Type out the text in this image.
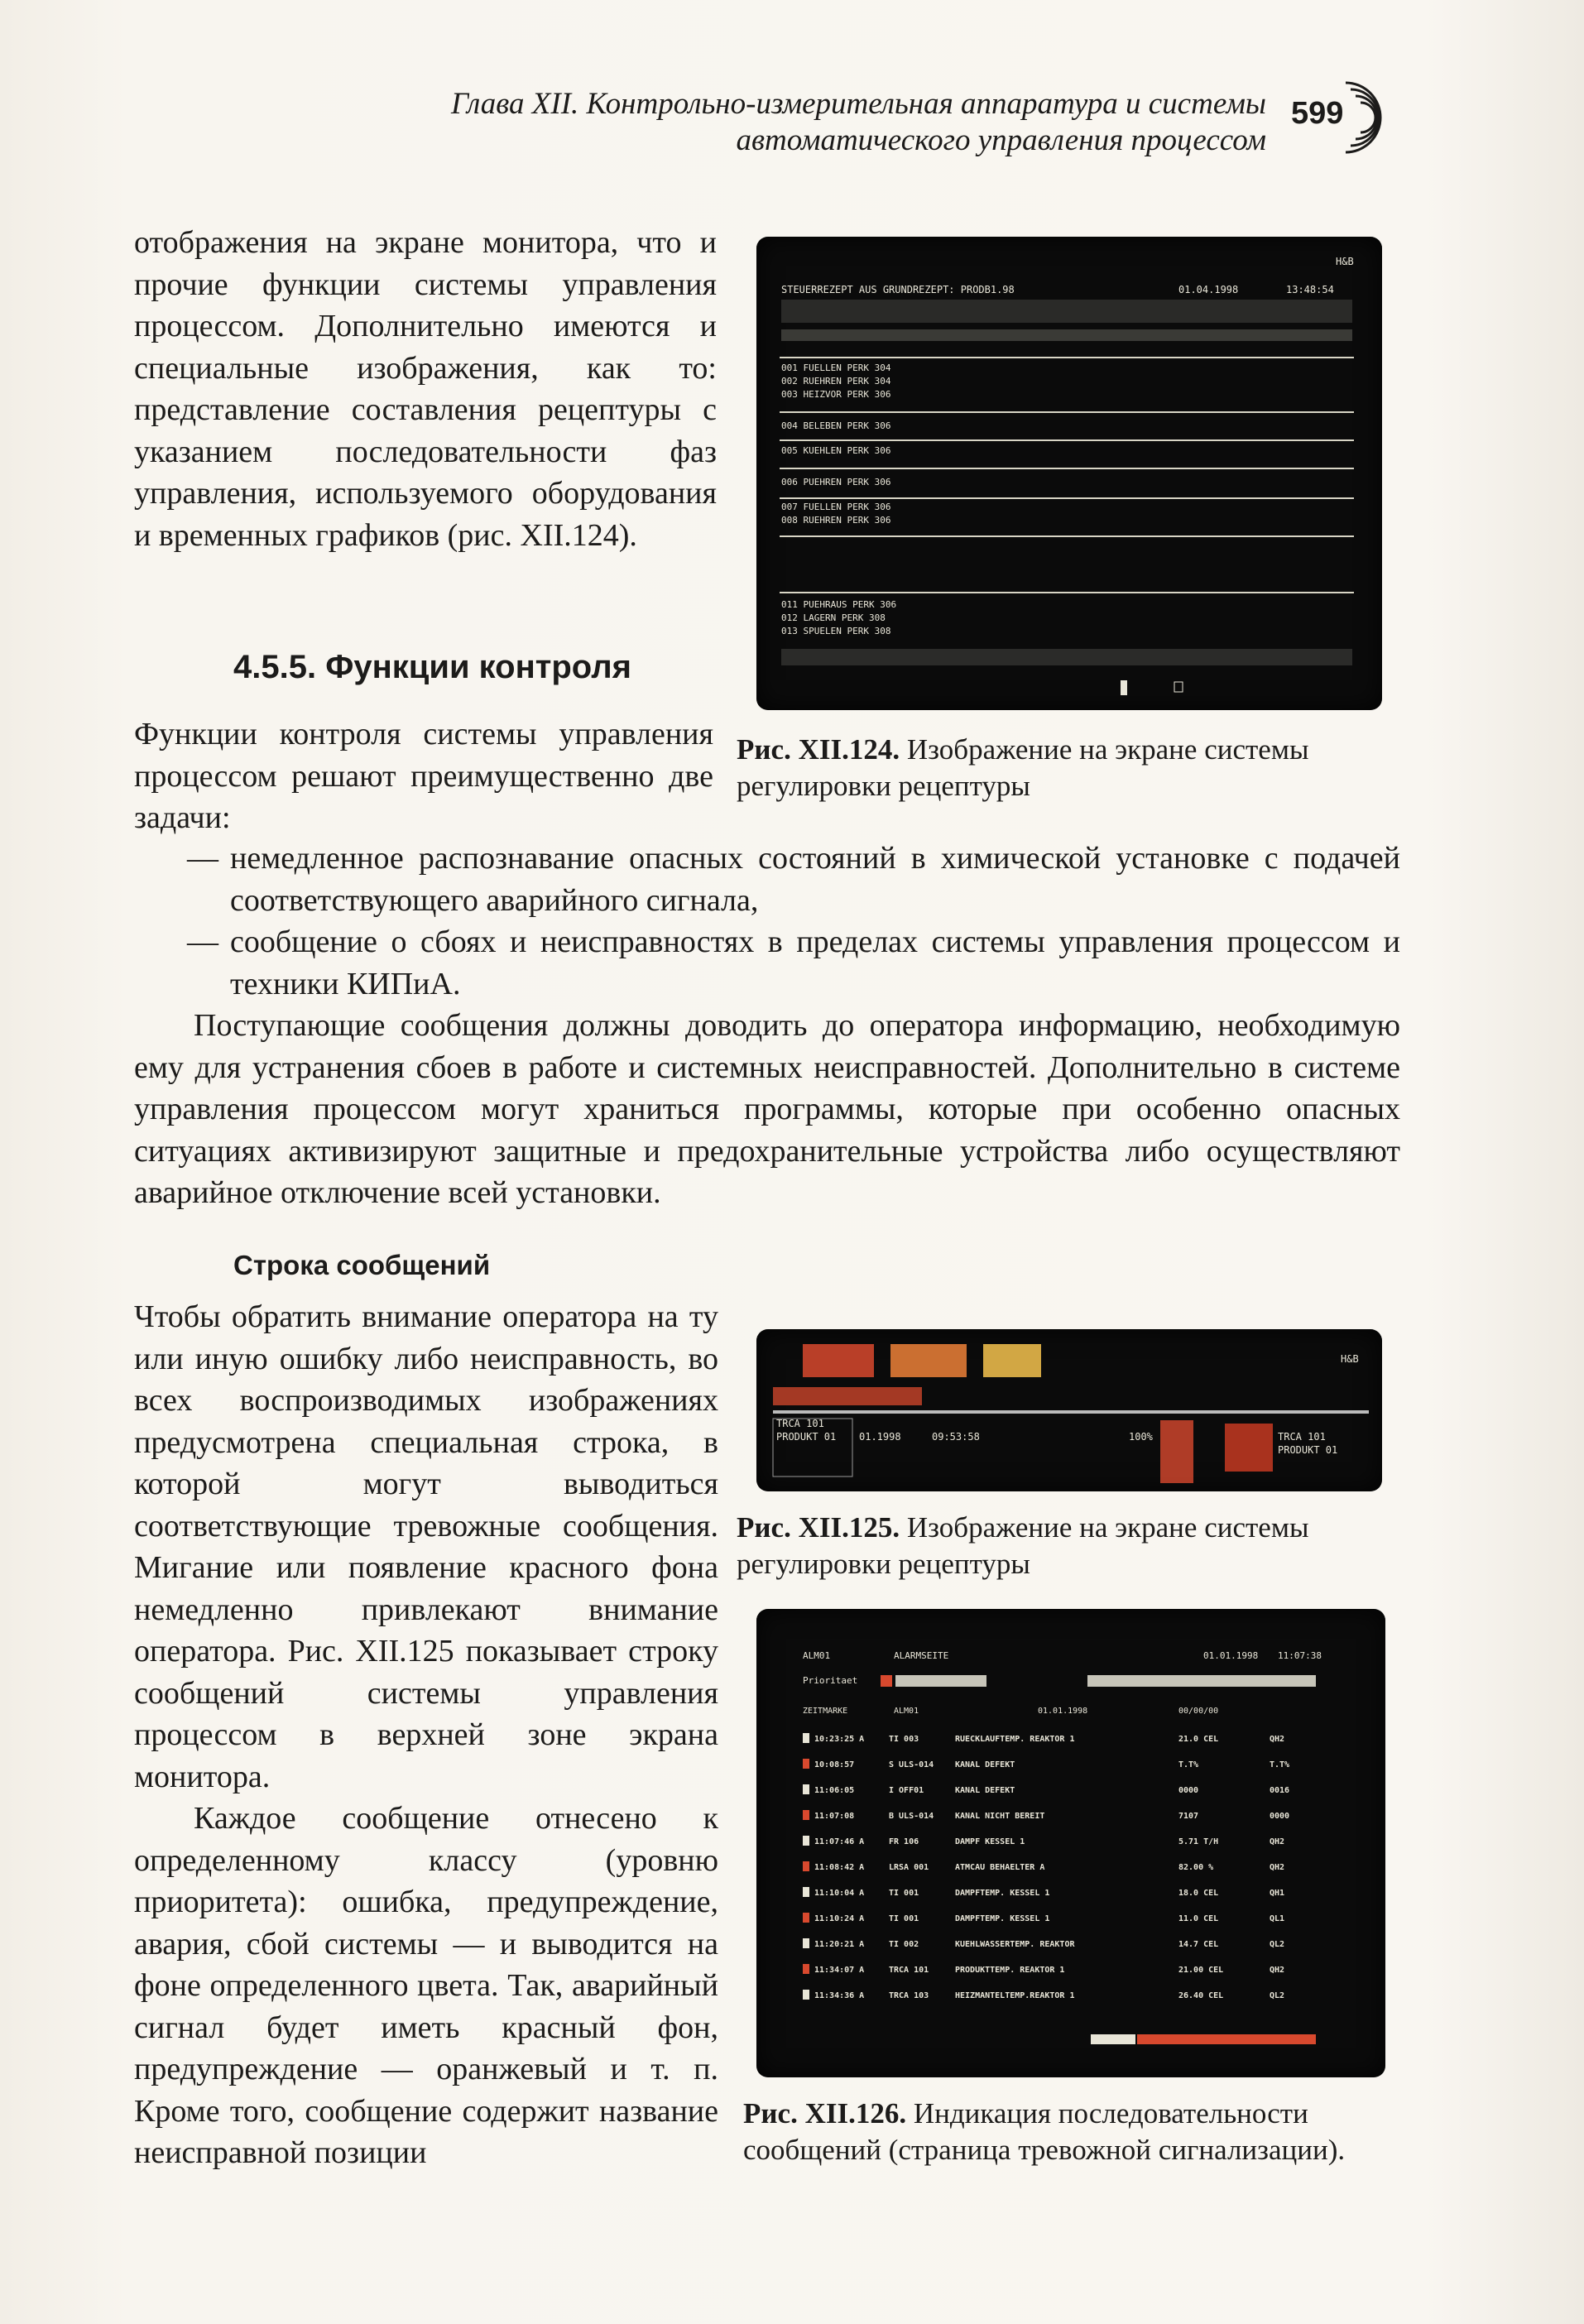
Глава XII. Контрольно-измерительная аппаратура и системы
автоматического управления процессом
599

отображения на экране монитора, что и прочие функции системы управления процессом. Дополнительно имеются и специальные изображения, как то: представление составления рецептуры с указанием последовательности фаз управления, используемого оборудования и временных графиков (рис. XII.124).

4.5.5. Функции контроля

Функции контроля системы управления процессом решают преимущественно две задачи:

— немедленное распознавание опасных состояний в химической установке с подачей соответствующего аварийного сигнала,
— сообщение о сбоях и неисправностях в пределах системы управления процессом и техники КИПиА.

Поступающие сообщения должны доводить до оператора информацию, необходимую ему для устранения сбоев в работе и системных неисправностей. Дополнительно в системе управления процессом могут храниться программы, которые при особенно опасных ситуациях активизируют защитные и предохранительные устройства либо осуществляют аварийное отключение всей установки.

Строка сообщений

Чтобы обратить внимание оператора на ту или иную ошибку либо неисправность, во всех воспроизводимых изображениях предусмотрена специальная строка, в которой могут выводиться соответствующие тревожные сообщения. Мигание или появление красного фона немедленно привлекают внимание оператора. Рис. XII.125 показывает строку сообщений системы управления процессом в верхней зоне экрана монитора.

Каждое сообщение отнесено к определенному классу (уровню приоритета): ошибка, предупреждение, авария, сбой системы — и выводится на фоне определенного цвета. Так, аварийный сигнал будет иметь красный фон, предупреждение — оранжевый и т. п. Кроме того, сообщение содержит название неисправной позиции

H&B
STEUERREZEPT AUS GRUNDREZEPT: PRODB1.98	01.04.1998	13:48:54
001 FUELLEN PERK 304
002 RUEHREN PERK 304
003 HEIZVOR PERK 306
004 BELEBEN PERK 306
005 KUEHLEN PERK 306
006 PUEHREN PERK 306
007 FUELLEN PERK 306
008 RUEHREN PERK 306
011 PUEHRAUS PERK 306
012 LAGERN PERK 308
013 SPUELEN PERK 308
Рис. XII.124. Изображение на экране системы регулировки рецептуры
H&B
TRCA 101
PRODUKT 01 01.1998	09:53:58	100%	TRCA 101
PRODUKT 01
Рис. XII.125. Изображение на экране системы регулировки рецептуры
ALM01	ALARMSEITE	01.01.1998 11:07:38
Prioritaet
ZEITMARKE	ALM01	01.01.1998	00/00/00
10:23:25 A	TI 003	RUECKLAUFTEMP. REAKTOR 1	21.0 CEL	QH2
10:08:57	S ULS-014	KANAL DEFEKT	T.T%	T.T%
11:06:05	I OFF01	KANAL DEFEKT	0000	0016
11:07:08	B ULS-014	KANAL NICHT BEREIT	7107	0000
11:07:46 A	FR 106	DAMPF KESSEL 1	5.71 T/H	QH2
11:08:42 A	LRSA 001	ATMCAU BEHAELTER A	82.00 %	QH2
11:10:04 A	TI 001	DAMPFTEMP. KESSEL 1	18.0 CEL	QH1
11:10:24 A	TI 001	DAMPFTEMP. KESSEL 1	11.0 CEL	QL1
11:20:21 A	TI 002	KUEHLWASSERTEMP. REAKTOR	14.7 CEL	QL2
11:34:07 A	TRCA 101	PRODUKTTEMP. REAKTOR 1	21.00 CEL	QH2
11:34:36 A	TRCA 103	HEIZMANTELTEMP.REAKTOR 1	26.40 CEL	QL2
Рис. XII.126. Индикация последовательности сообщений (страница тревожной сигнализации).
